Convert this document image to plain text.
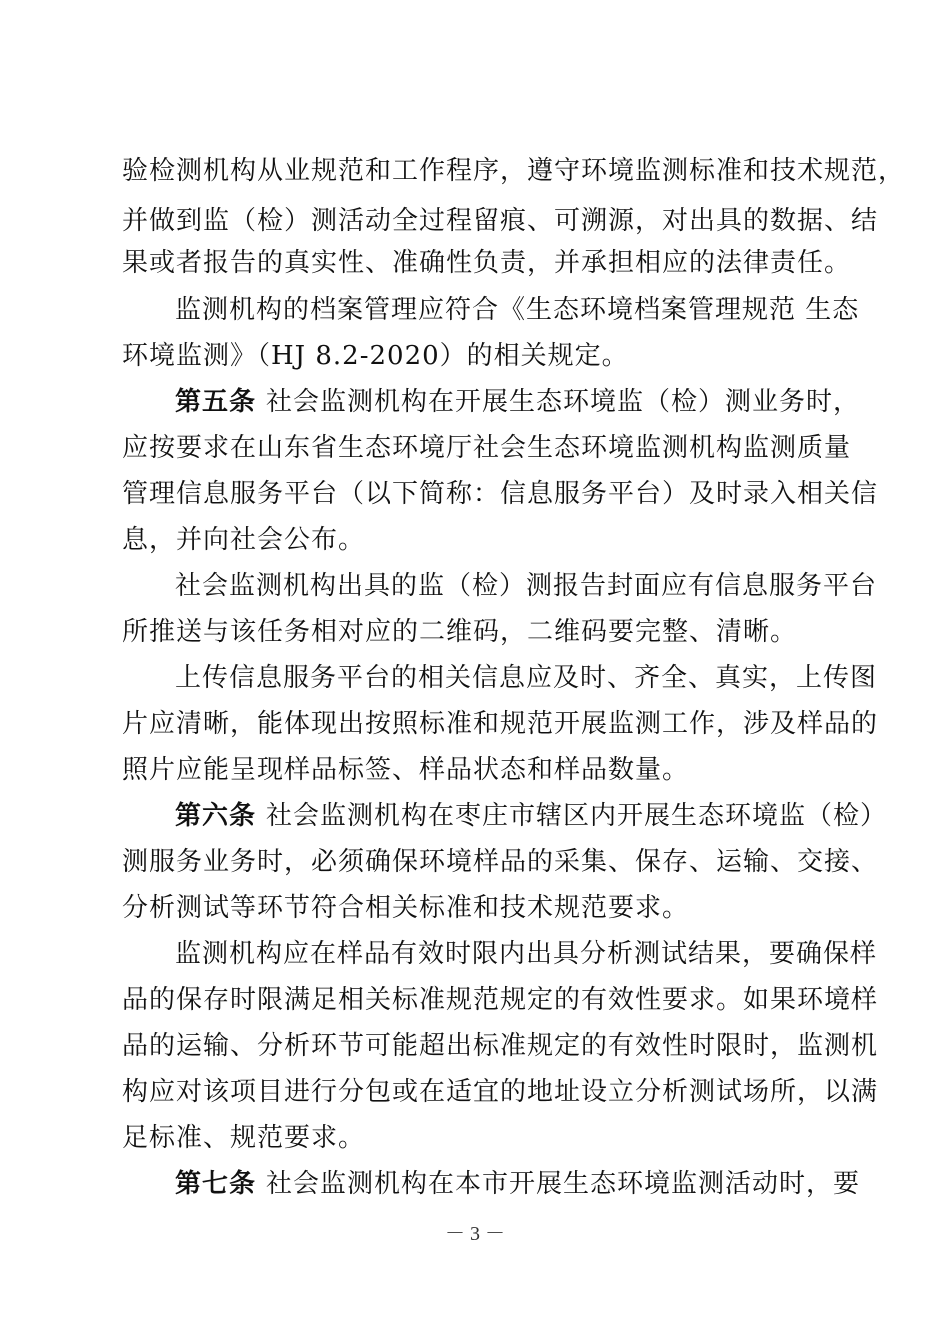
验检测机构从业规范和工作程序，遵守环境监测标准和技术规范，
并做到监（检）测活动全过程留痕、可溯源，对出具的数据、结
果或者报告的真实性、准确性负责，并承担相应的法律责任。
监测机构的档案管理应符合《生态环境档案管理规范 生态
环境监测》（HJ 8.2-2020）的相关规定。
第五条 社会监测机构在开展生态环境监（检）测业务时，
应按要求在山东省生态环境厅社会生态环境监测机构监测质量
管理信息服务平台（以下简称：信息服务平台）及时录入相关信
息，并向社会公布。
社会监测机构出具的监（检）测报告封面应有信息服务平台
所推送与该任务相对应的二维码，二维码要完整、清晰。
上传信息服务平台的相关信息应及时、齐全、真实，上传图
片应清晰，能体现出按照标准和规范开展监测工作，涉及样品的
照片应能呈现样品标签、样品状态和样品数量。
第六条 社会监测机构在枣庄市辖区内开展生态环境监（检）
测服务业务时，必须确保环境样品的采集、保存、运输、交接、
分析测试等环节符合相关标准和技术规范要求。
监测机构应在样品有效时限内出具分析测试结果，要确保样
品的保存时限满足相关标准规范规定的有效性要求。如果环境样
品的运输、分析环节可能超出标准规定的有效性时限时，监测机
构应对该项目进行分包或在适宜的地址设立分析测试场所，以满
足标准、规范要求。
第七条 社会监测机构在本市开展生态环境监测活动时，要
－ 3 －
